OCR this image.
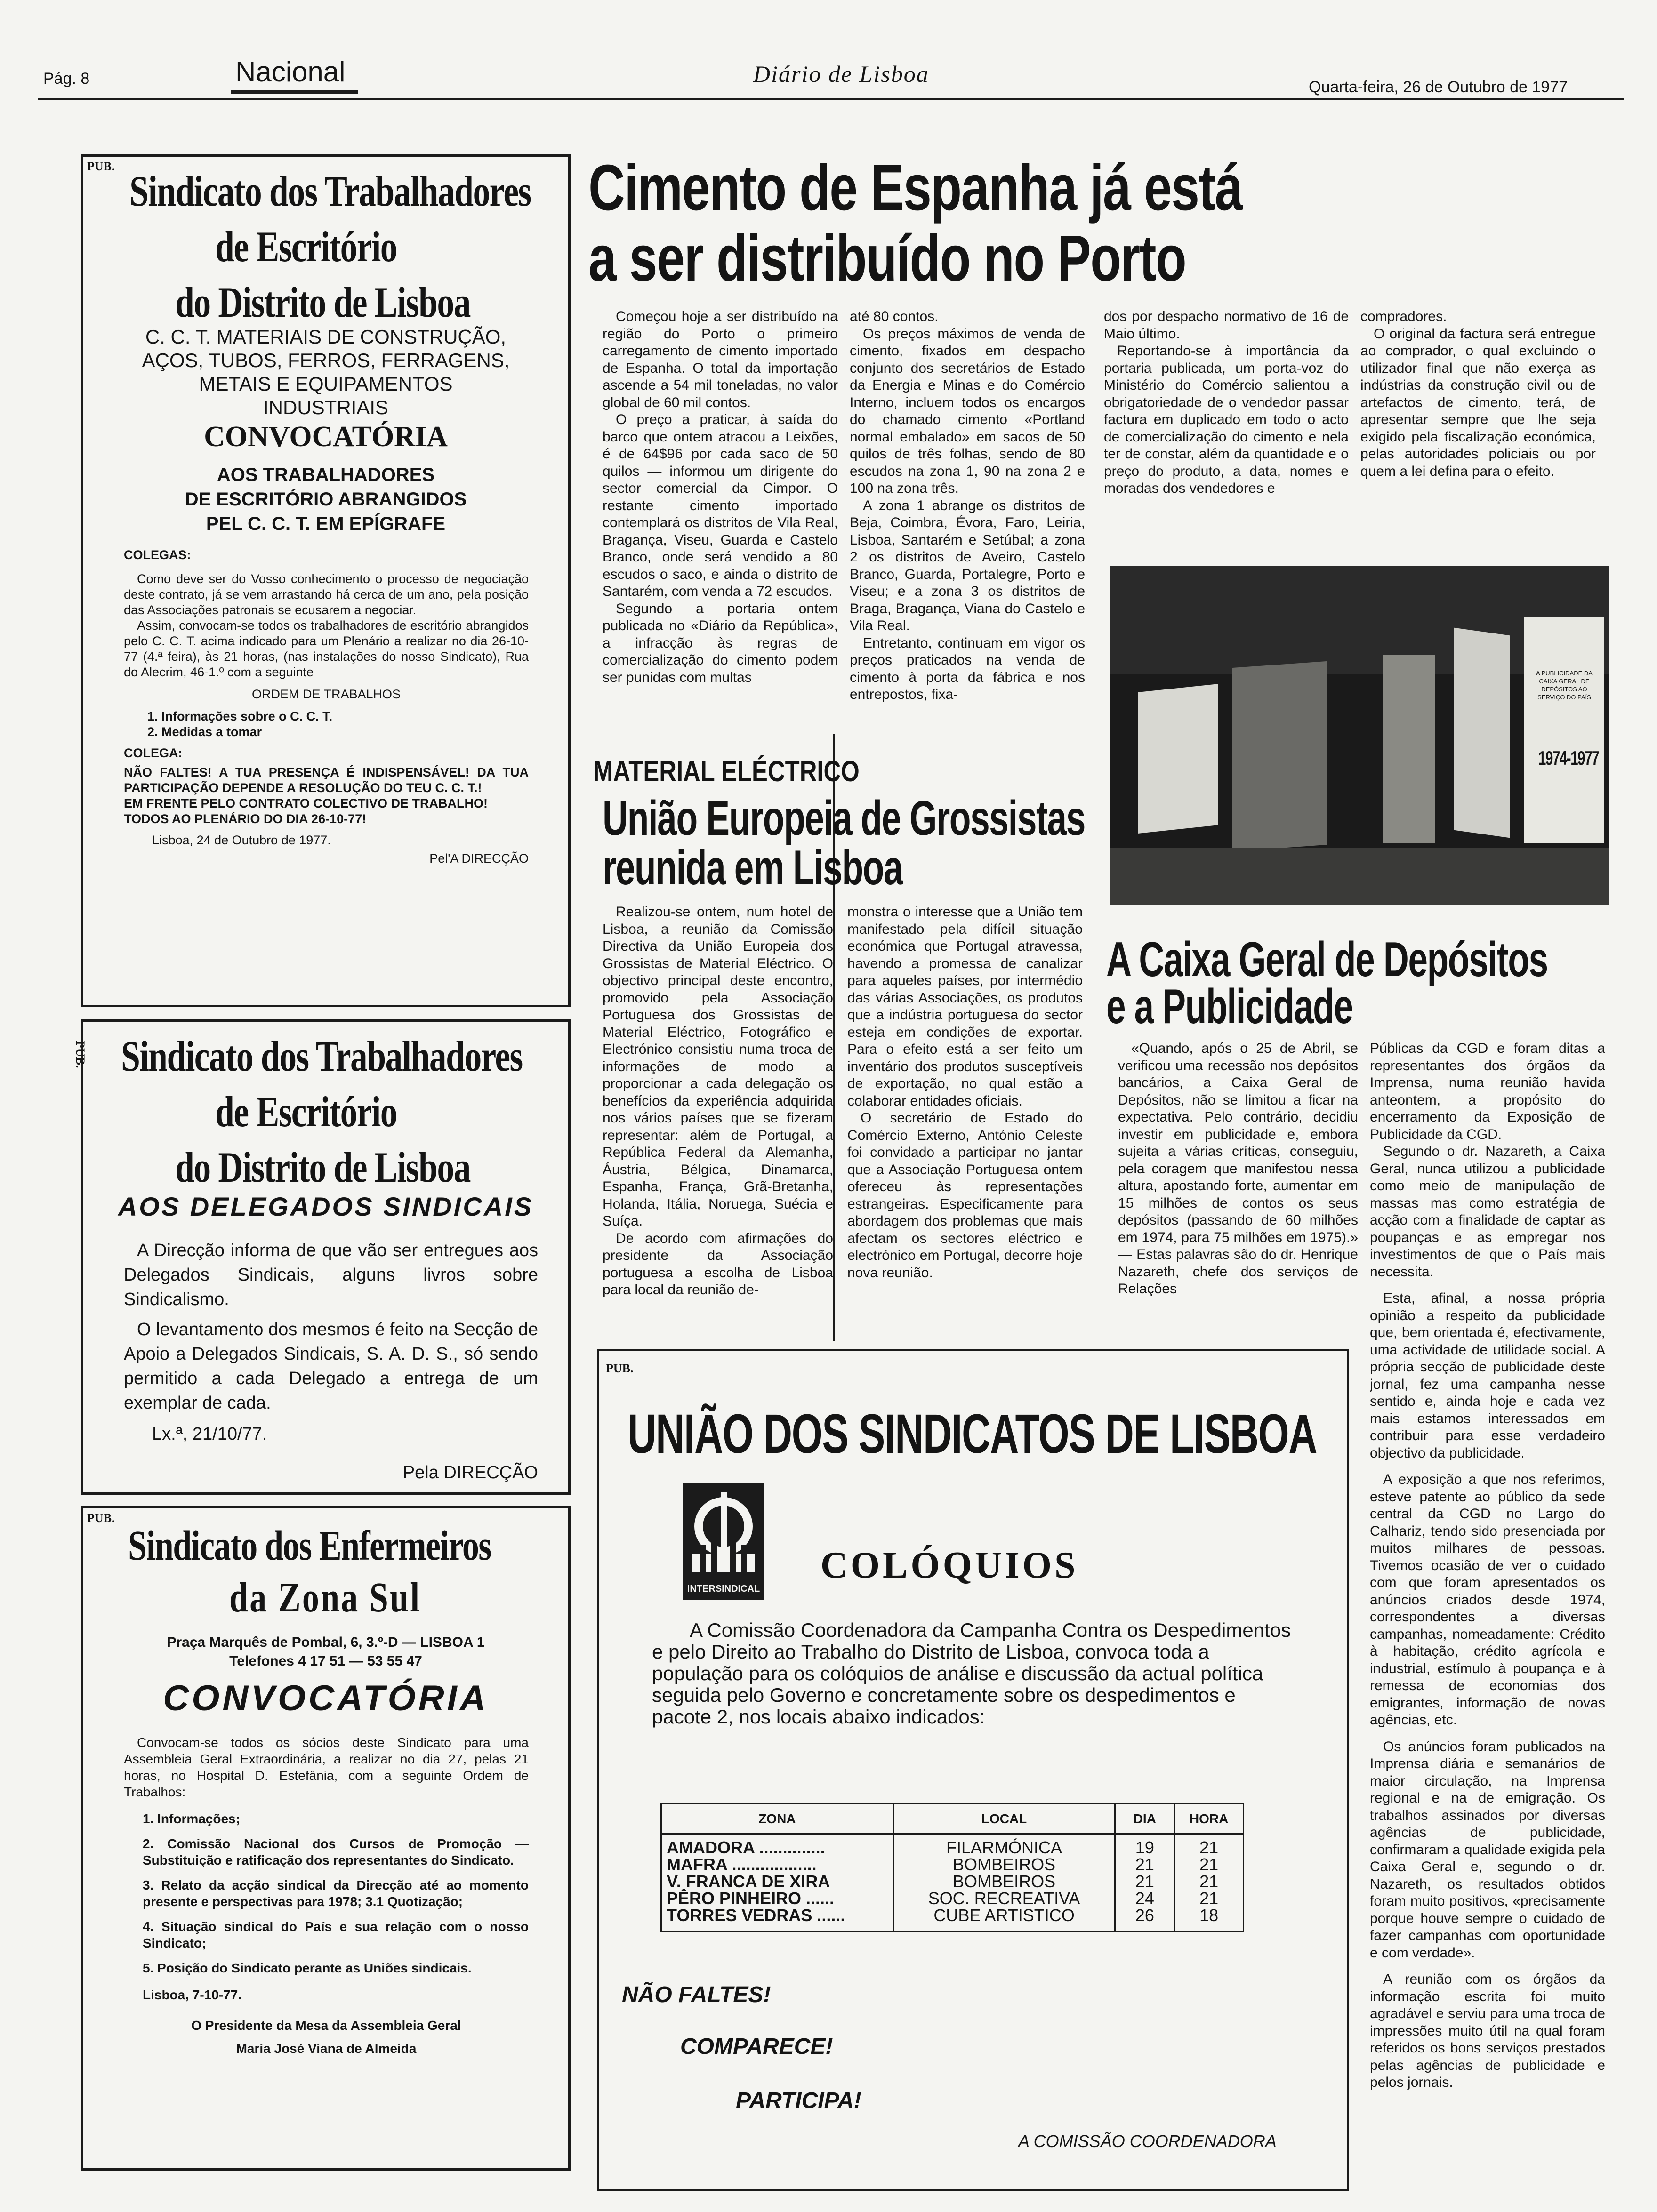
Pág. 8	Nacional	Diário de Lisboa	Quarta-feira, 26 de Outubro de 1977
PUB.
Sindicato dos Trabalhadores
de Escritório
do Distrito de Lisboa
C. C. T. MATERIAIS DE CONSTRUÇÃO,
AÇOS, TUBOS, FERROS, FERRAGENS,
METAIS E EQUIPAMENTOS
INDUSTRIAIS
CONVOCATÓRIA
AOS TRABALHADORES
DE ESCRITÓRIO ABRANGIDOS
PEL C. C. T. EM EPÍGRAFE
COLEGAS:

Como deve ser do Vosso conhecimento o processo de negociação deste contrato, já se vem arrastando há cerca de um ano, pela posição das Associações patronais se ecusarem a negociar.

Assim, convocam-se todos os trabalhadores de escritório abrangidos pelo C. C. T. acima indicado para um Plenário a realizar no dia 26-10-77 (4.ª feira), às 21 horas, (nas instalações do nosso Sindicato), Rua do Alecrim, 46-1.º com a seguinte

ORDEM DE TRABALHOS
1. Informações sobre o C. C. T.
2. Medidas a tomar
COLEGA:
NÃO FALTES! A TUA PRESENÇA É INDISPENSÁVEL! DA TUA PARTICIPAÇÃO DEPENDE A RESOLUÇÃO DO TEU C. C. T.!
EM FRENTE PELO CONTRATO COLECTIVO DE TRABALHO!
TODOS AO PLENÁRIO DO DIA 26-10-77!
Lisboa, 24 de Outubro de 1977.
Pel'A DIRECÇÃO
PUB. Sindicato dos Trabalhadores
de Escritório
do Distrito de Lisboa
AOS DELEGADOS SINDICAIS

A Direcção informa de que vão ser entregues aos Delegados Sindicais, alguns livros sobre Sindicalismo.

O levantamento dos mesmos é feito na Secção de Apoio a Delegados Sindicais, S. A. D. S., só sendo permitido a cada Delegado a entrega de um exemplar de cada.

Lx.ª, 21/10/77.
Pela DIRECÇÃO
PUB.
Sindicato dos Enfermeiros
da Zona Sul
Praça Marquês de Pombal, 6, 3.º-D — LISBOA 1
Telefones 4 17 51 — 53 55 47
CONVOCATÓRIA

Convocam-se todos os sócios deste Sindicato para uma Assembleia Geral Extraordinária, a realizar no dia 27, pelas 21 horas, no Hospital D. Estefânia, com a seguinte Ordem de Trabalhos:

1. Informações;
2. Comissão Nacional dos Cursos de Promoção — Substituição e ratificação dos representantes do Sindicato.
3. Relato da acção sindical da Direcção até ao momento presente e perspectivas para 1978; 3.1 Quotização;
4. Situação sindical do País e sua relação com o nosso Sindicato;
5. Posição do Sindicato perante as Uniões sindicais.
Lisboa, 7-10-77.
O Presidente da Mesa da Assembleia Geral
Maria José Viana de Almeida
Cimento de Espanha já está
a ser distribuído no Porto

Começou hoje a ser distribuído na região do Porto o primeiro carregamento de cimento importado de Espanha. O total da importação ascende a 54 mil toneladas, no valor global de 60 mil contos.

O preço a praticar, à saída do barco que ontem atracou a Leixões, é de 64$96 por cada saco de 50 quilos — informou um dirigente do sector comercial da Cimpor. O restante cimento importado contemplará os distritos de Vila Real, Bragança, Viseu, Guarda e Castelo Branco, onde será vendido a 80 escudos o saco, e ainda o distrito de Santarém, com venda a 72 escudos.

Segundo a portaria ontem publicada no «Diário da República», a infracção às regras de comercialização do cimento podem ser punidas com multas

até 80 contos.

Os preços máximos de venda de cimento, fixados em despacho conjunto dos secretários de Estado da Energia e Minas e do Comércio Interno, incluem todos os encargos do chamado cimento «Portland normal embalado» em sacos de 50 quilos de três folhas, sendo de 80 escudos na zona 1, 90 na zona 2 e 100 na zona três.

A zona 1 abrange os distritos de Beja, Coimbra, Évora, Faro, Leiria, Lisboa, Santarém e Setúbal; a zona 2 os distritos de Aveiro, Castelo Branco, Guarda, Portalegre, Porto e Viseu; e a zona 3 os distritos de Braga, Bragança, Viana do Castelo e Vila Real.

Entretanto, continuam em vigor os preços praticados na venda de cimento à porta da fábrica e nos entrepostos, fixa-

dos por despacho normativo de 16 de Maio último.

Reportando-se à importância da portaria publicada, um porta-voz do Ministério do Comércio salientou a obrigatoriedade de o vendedor passar factura em duplicado em todo o acto de comercialização do cimento e nela ter de constar, além da quantidade e o preço do produto, a data, nomes e moradas dos vendedores e

compradores.

O original da factura será entregue ao comprador, o qual excluindo o utilizador final que não exerça as indústrias da construção civil ou de artefactos de cimento, terá, de apresentar sempre que lhe seja exigido pela fiscalização económica, pelas autoridades policiais ou por quem a lei defina para o efeito.

A PUBLICIDADE DA CAIXA GERAL DE DEPÓSITOS AO SERVIÇO DO PAÍS
1974-1977
MATERIAL ELÉCTRICO
União Europeia de Grossistas
reunida em Lisboa

Realizou-se ontem, num hotel de Lisboa, a reunião da Comissão Directiva da União Europeia dos Grossistas de Material Eléctrico. O objectivo principal deste encontro, promovido pela Associação Portuguesa dos Grossistas de Material Eléctrico, Fotográfico e Electrónico consistiu numa troca de informações de modo a proporcionar a cada delegação os benefícios da experiência adquirida nos vários países que se fizeram representar: além de Portugal, a República Federal da Alemanha, Áustria, Bélgica, Dinamarca, Espanha, França, Grã-Bretanha, Holanda, Itália, Noruega, Suécia e Suíça.

De acordo com afirmações do presidente da Associação portuguesa a escolha de Lisboa para local da reunião de-

monstra o interesse que a União tem manifestado pela difícil situação económica que Portugal atravessa, havendo a promessa de canalizar para aqueles países, por intermédio das várias Associações, os produtos que a indústria portuguesa do sector esteja em condições de exportar. Para o efeito está a ser feito um inventário dos produtos susceptíveis de exportação, no qual estão a colaborar entidades oficiais.

O secretário de Estado do Comércio Externo, António Celeste foi convidado a participar no jantar que a Associação Portuguesa ontem ofereceu às representações estrangeiras. Especificamente para abordagem dos problemas que mais afectam os sectores eléctrico e electrónico em Portugal, decorre hoje nova reunião.

A Caixa Geral de Depósitos
e a Publicidade

«Quando, após o 25 de Abril, se verificou uma recessão nos depósitos bancários, a Caixa Geral de Depósitos, não se limitou a ficar na expectativa. Pelo contrário, decidiu investir em publicidade e, embora sujeita a várias críticas, conseguiu, pela coragem que manifestou nessa altura, apostando forte, aumentar em 15 milhões de contos os seus depósitos (passando de 60 milhões em 1974, para 75 milhões em 1975).» — Estas palavras são do dr. Henrique Nazareth, chefe dos serviços de Relações

Públicas da CGD e foram ditas a representantes dos órgãos da Imprensa, numa reunião havida anteontem, a propósito do encerramento da Exposição de Publicidade da CGD.

Segundo o dr. Nazareth, a Caixa Geral, nunca utilizou a publicidade como meio de manipulação de massas mas como estratégia de acção com a finalidade de captar as poupanças e as empregar nos investimentos de que o País mais necessita.

Esta, afinal, a nossa própria opinião a respeito da publicidade que, bem orientada é, efectivamente, uma actividade de utilidade social. A própria secção de publicidade deste jornal, fez uma campanha nesse sentido e, ainda hoje e cada vez mais estamos interessados em contribuir para esse verdadeiro objectivo da publicidade.

A exposição a que nos referimos, esteve patente ao público da sede central da CGD no Largo do Calhariz, tendo sido presenciada por muitos milhares de pessoas. Tivemos ocasião de ver o cuidado com que foram apresentados os anúncios criados desde 1974, correspondentes a diversas campanhas, nomeadamente: Crédito à habitação, crédito agrícola e industrial, estímulo à poupança e à remessa de economias dos emigrantes, informação de novas agências, etc.

Os anúncios foram publicados na Imprensa diária e semanários de maior circulação, na Imprensa regional e na de emigração. Os trabalhos assinados por diversas agências de publicidade, confirmaram a qualidade exigida pela Caixa Geral e, segundo o dr. Nazareth, os resultados obtidos foram muito positivos, «precisamente porque houve sempre o cuidado de fazer campanhas com oportunidade e com verdade».

A reunião com os órgãos da informação escrita foi muito agradável e serviu para uma troca de impressões muito útil na qual foram referidos os bons serviços prestados pelas agências de publicidade e pelos jornais.

PUB.
UNIÃO DOS SINDICATOS DE LISBOA
INTERSINDICAL
COLÓQUIOS
A Comissão Coordenadora da Campanha Contra os Despedimentos e pelo Direito ao Trabalho do Distrito de Lisboa, convoca toda a população para os colóquios de análise e discussão da actual política seguida pelo Governo e concretamente sobre os despedimentos e pacote 2, nos locais abaixo indicados:
ZONA	LOCAL	DIA	HORA
AMADORA ..............	FILARMÓNICA	19	21
MAFRA ..................	BOMBEIROS	21	21
V. FRANCA DE XIRA	BOMBEIROS	21	21
PÊRO PINHEIRO ......	SOC. RECREATIVA	24	21
TORRES VEDRAS ......	CUBE ARTISTICO	26	18
NÃO FALTES!
COMPARECE!
PARTICIPA!
A COMISSÃO COORDENADORA
